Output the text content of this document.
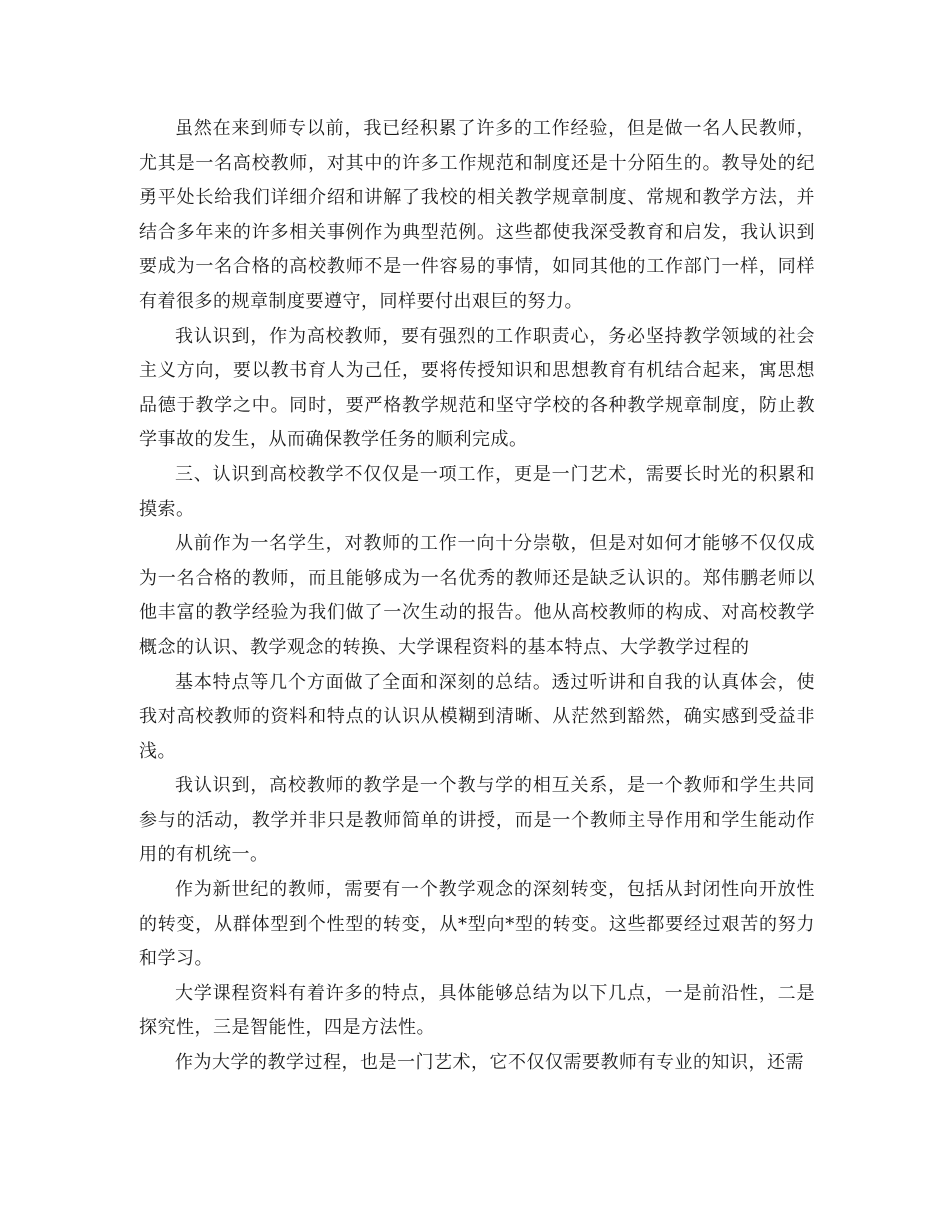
虽然在来到师专以前，我已经积累了许多的工作经验，但是做一名人民教师，尤其是一名高校教师，对其中的许多工作规范和制度还是十分陌生的。教导处的纪勇平处长给我们详细介绍和讲解了我校的相关教学规章制度、常规和教学方法，并结合多年来的许多相关事例作为典型范例。这些都使我深受教育和启发，我认识到要成为一名合格的高校教师不是一件容易的事情，如同其他的工作部门一样，同样有着很多的规章制度要遵守，同样要付出艰巨的努力。

我认识到，作为高校教师，要有强烈的工作职责心，务必坚持教学领域的社会主义方向，要以教书育人为己任，要将传授知识和思想教育有机结合起来，寓思想品德于教学之中。同时，要严格教学规范和坚守学校的各种教学规章制度，防止教学事故的发生，从而确保教学任务的顺利完成。

三、认识到高校教学不仅仅是一项工作，更是一门艺术，需要长时光的积累和摸索。

从前作为一名学生，对教师的工作一向十分崇敬，但是对如何才能够不仅仅成为一名合格的教师，而且能够成为一名优秀的教师还是缺乏认识的。郑伟鹏老师以他丰富的教学经验为我们做了一次生动的报告。他从高校教师的构成、对高校教学概念的认识、教学观念的转换、大学课程资料的基本特点、大学教学过程的

基本特点等几个方面做了全面和深刻的总结。透过听讲和自我的认真体会，使我对高校教师的资料和特点的认识从模糊到清晰、从茫然到豁然，确实感到受益非浅。

我认识到，高校教师的教学是一个教与学的相互关系，是一个教师和学生共同参与的活动，教学并非只是教师简单的讲授，而是一个教师主导作用和学生能动作用的有机统一。

作为新世纪的教师，需要有一个教学观念的深刻转变，包括从封闭性向开放性的转变，从群体型到个性型的转变，从*型向*型的转变。这些都要经过艰苦的努力和学习。

大学课程资料有着许多的特点，具体能够总结为以下几点，一是前沿性，二是探究性，三是智能性，四是方法性。

作为大学的教学过程，也是一门艺术，它不仅仅需要教师有专业的知识，还需
